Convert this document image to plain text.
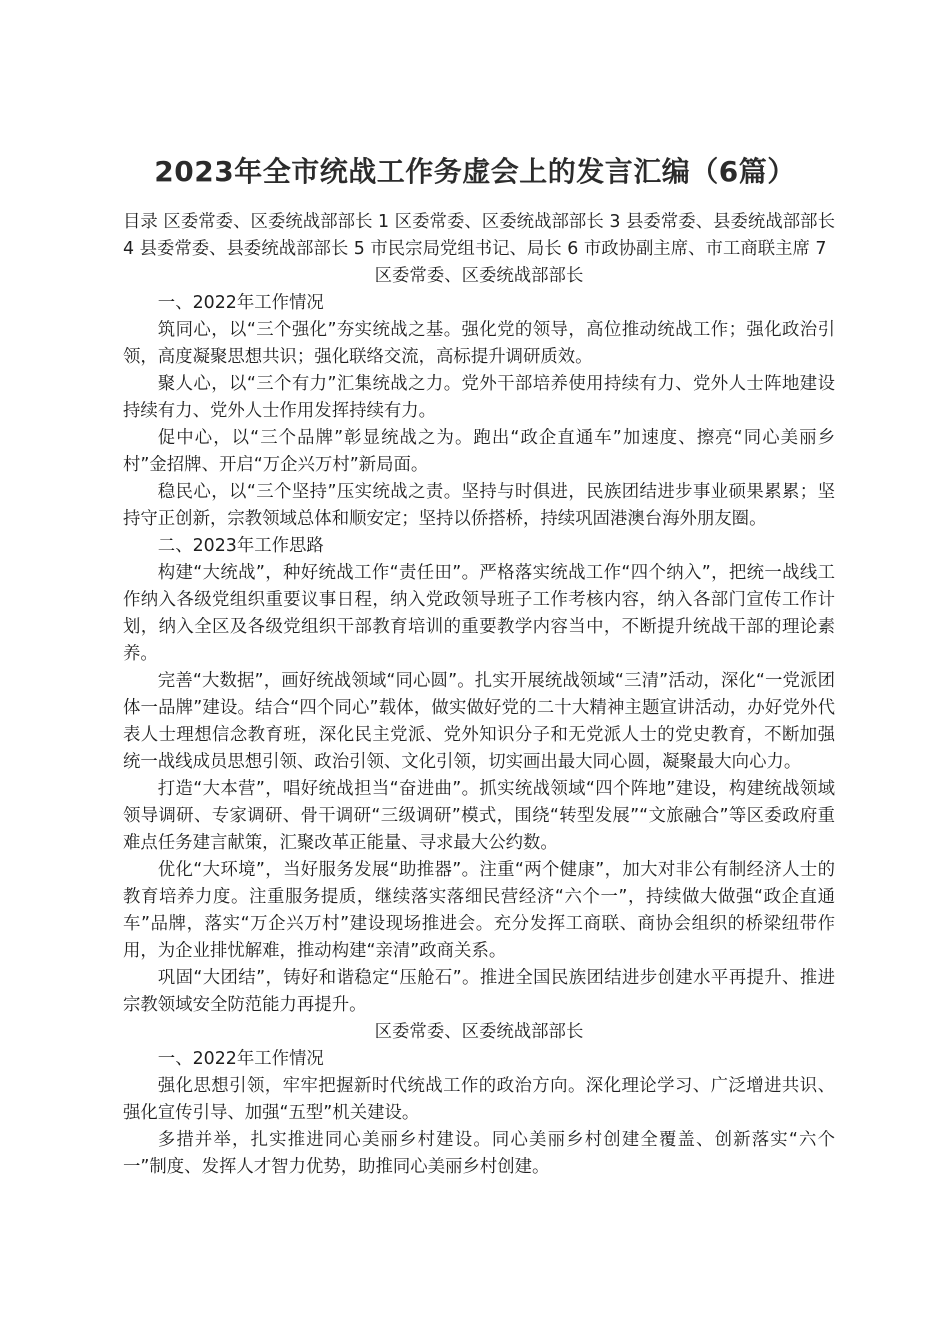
2023年全市统战工作务虚会上的发言汇编（6篇）

目录 区委常委、区委统战部部长 1 区委常委、区委统战部部长 3 县委常委、县委统战部部长 4 县委常委、县委统战部部长 5 市民宗局党组书记、局长 6 市政协副主席、市工商联主席 7

区委常委、区委统战部部长

一、2022年工作情况

筑同心，以“三个强化”夯实统战之基。强化党的领导，高位推动统战工作；强化政治引领，高度凝聚思想共识；强化联络交流，高标提升调研质效。

聚人心，以“三个有力”汇集统战之力。党外干部培养使用持续有力、党外人士阵地建设持续有力、党外人士作用发挥持续有力。

促中心，以“三个品牌”彰显统战之为。跑出“政企直通车”加速度、擦亮“同心美丽乡村”金招牌、开启“万企兴万村”新局面。

稳民心，以“三个坚持”压实统战之责。坚持与时俱进，民族团结进步事业硕果累累；坚持守正创新，宗教领域总体和顺安定；坚持以侨搭桥，持续巩固港澳台海外朋友圈。

二、2023年工作思路

构建“大统战”，种好统战工作“责任田”。严格落实统战工作“四个纳入”，把统一战线工作纳入各级党组织重要议事日程，纳入党政领导班子工作考核内容，纳入各部门宣传工作计划，纳入全区及各级党组织干部教育培训的重要教学内容当中，不断提升统战干部的理论素养。

完善“大数据”，画好统战领域“同心圆”。扎实开展统战领域“三清”活动，深化“一党派团体一品牌”建设。结合“四个同心”载体，做实做好党的二十大精神主题宣讲活动，办好党外代表人士理想信念教育班，深化民主党派、党外知识分子和无党派人士的党史教育，不断加强统一战线成员思想引领、政治引领、文化引领，切实画出最大同心圆，凝聚最大向心力。

打造“大本营”，唱好统战担当“奋进曲”。抓实统战领域“四个阵地”建设，构建统战领域领导调研、专家调研、骨干调研“三级调研”模式，围绕“转型发展”“文旅融合”等区委政府重难点任务建言献策，汇聚改革正能量、寻求最大公约数。

优化“大环境”，当好服务发展“助推器”。注重“两个健康”，加大对非公有制经济人士的教育培养力度。注重服务提质，继续落实落细民营经济“六个一”，持续做大做强“政企直通车”品牌，落实“万企兴万村”建设现场推进会。充分发挥工商联、商协会组织的桥梁纽带作用，为企业排忧解难，推动构建“亲清”政商关系。

巩固“大团结”，铸好和谐稳定“压舱石”。推进全国民族团结进步创建水平再提升、推进宗教领域安全防范能力再提升。

区委常委、区委统战部部长

一、2022年工作情况

强化思想引领，牢牢把握新时代统战工作的政治方向。深化理论学习、广泛增进共识、强化宣传引导、加强“五型”机关建设。

多措并举，扎实推进同心美丽乡村建设。同心美丽乡村创建全覆盖、创新落实“六个一”制度、发挥人才智力优势，助推同心美丽乡村创建。
